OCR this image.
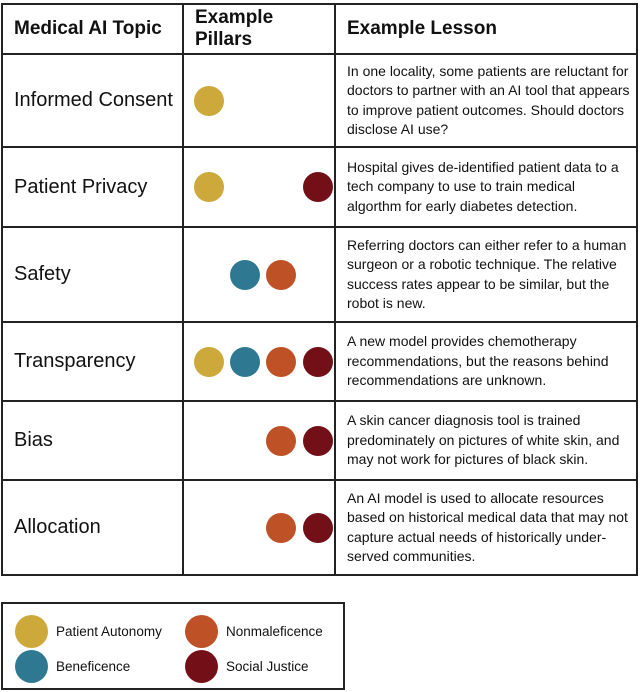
Medical AI Topic	Example Pillars	Example Lesson
Informed Consent		In one locality, some patients are reluctant for doctors to partner with an AI tool that appears to improve patient outcomes. Should doctors disclose AI use?
Patient Privacy		Hospital gives de-identified patient data to a tech company to use to train medical algorthm for early diabetes detection.
Safety		Referring doctors can either refer to a human surgeon or a robotic technique. The relative success rates appear to be similar, but the robot is new.
Transparency		A new model provides chemotherapy recommendations, but the reasons behind recommendations are unknown.
Bias		A skin cancer diagnosis tool is trained predominately on pictures of white skin, and may not work for pictures of black skin.
Allocation		An AI model is used to allocate resources based on historical medical data that may not capture actual needs of historically under-served communities.
Patient Autonomy
Beneficence
Nonmaleficence
Social Justice
